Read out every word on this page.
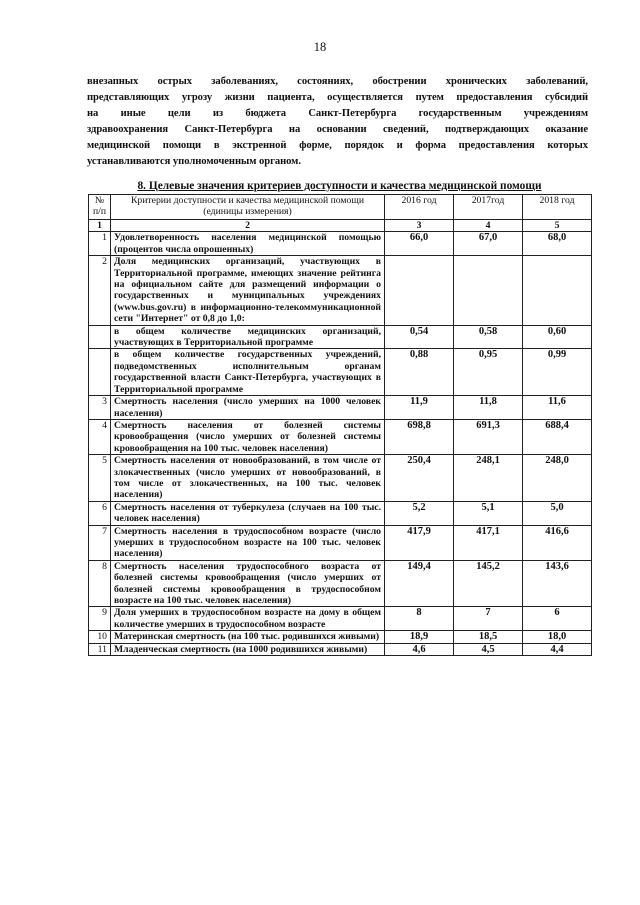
18
внезапных острых заболеваниях, состояниях, обострении хронических заболеваний,
представляющих угрозу жизни пациента, осуществляется путем предоставления субсидий
на иные цели из бюджета Санкт-Петербурга государственным учреждениям
здравоохранения Санкт-Петербурга на основании сведений, подтверждающих оказание
медицинской помощи в экстренной форме, порядок и форма предоставления которых
устанавливаются уполномоченным органом.
8. Целевые значения критериев доступности и качества медицинской помощи
№ п/п	Критерии доступности и качества медицинской помощи (единицы измерения)	2016 год	2017год	2018 год
1	2	3	4	5
1	Удовлетворенность населения медицинской помощью (процентов числа опрошенных)	66,0	67,0	68,0
2	Доля медицинских организаций, участвующих в Территориальной программе, имеющих значение рейтинга на официальном сайте для размещений информации о государственных и муниципальных учреждениях (www.bus.gov.ru) в информационно-телекоммуникационной сети "Интернет" от 0,8 до 1,0:			
	в общем количестве медицинских организаций, участвующих в Территориальной программе	0,54	0,58	0,60
	в общем количестве государственных учреждений, подведомственных исполнительным органам государственной власти Санкт-Петербурга, участвующих в Территориальной программе	0,88	0,95	0,99
3	Смертность населения (число умерших на 1000 человек населения)	11,9	11,8	11,6
4	Смертность населения от болезней системы кровообращения (число умерших от болезней системы кровообращения на 100 тыс. человек населения)	698,8	691,3	688,4
5	Смертность населения от новообразований, в том числе от злокачественных (число умерших от новообразований, в том числе от злокачественных, на 100 тыс. человек населения)	250,4	248,1	248,0
6	Смертность населения от туберкулеза (случаев на 100 тыс. человек населения)	5,2	5,1	5,0
7	Смертность населения в трудоспособном возрасте (число умерших в трудоспособном возрасте на 100 тыс. человек населения)	417,9	417,1	416,6
8	Смертность населения трудоспособного возраста от болезней системы кровообращения (число умерших от болезней системы кровообращения в трудоспособном возрасте на 100 тыс. человек населения)	149,4	145,2	143,6
9	Доля умерших в трудоспособном возрасте на дому в общем количестве умерших в трудоспособном возрасте	8	7	6
10	Материнская смертность (на 100 тыс. родившихся живыми)	18,9	18,5	18,0
11	Младенческая смертность (на 1000 родившихся живыми)	4,6	4,5	4,4
